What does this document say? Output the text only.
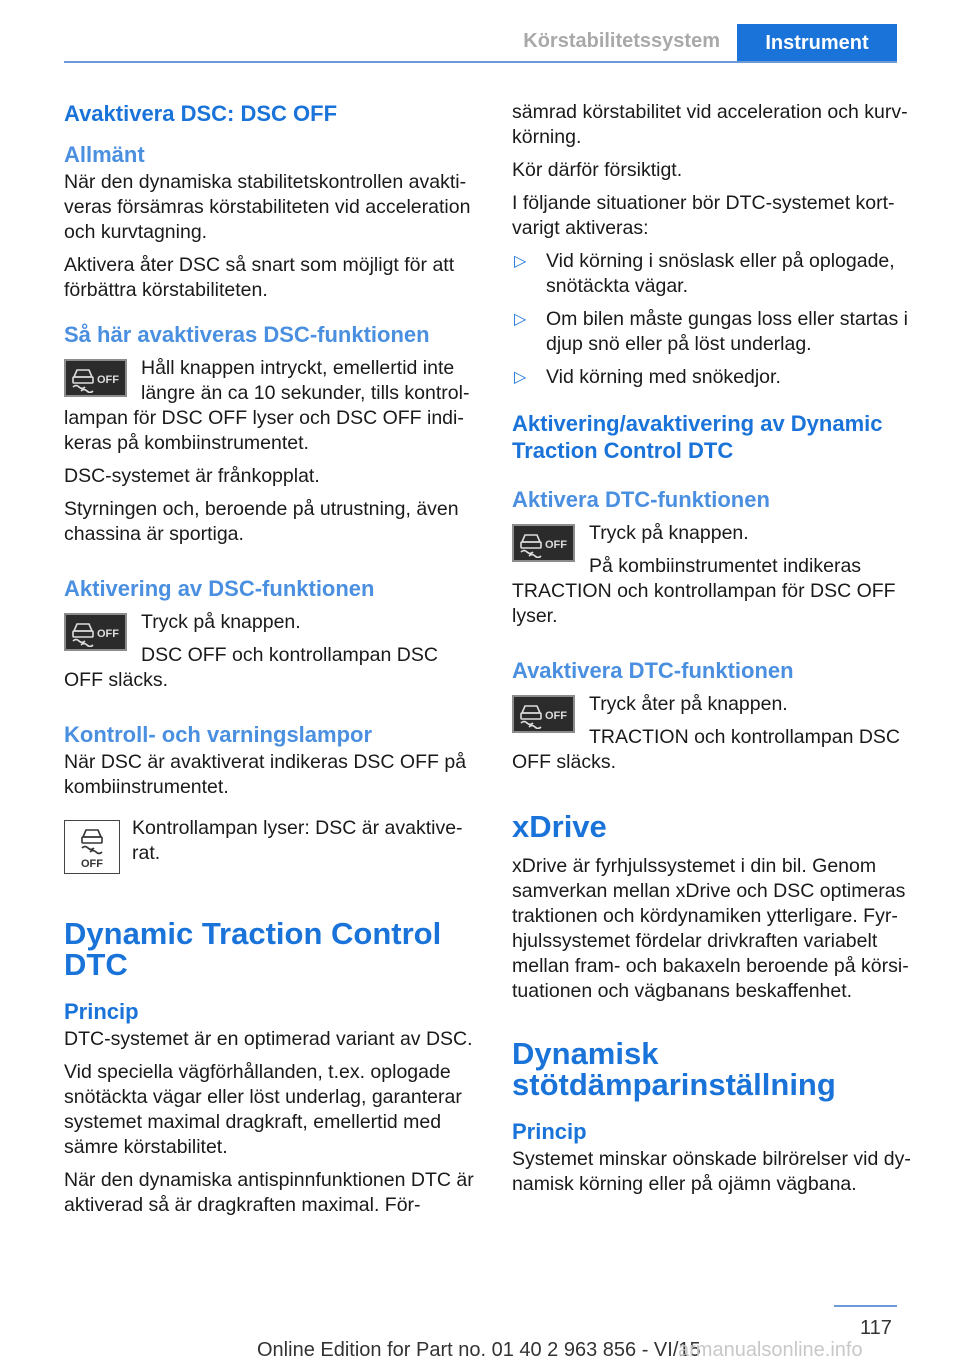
Körstabilitetssystem	Instrument
Avaktivera DSC: DSC OFF
Allmänt

När den dynamiska stabilitetskontrollen avakti-veras försämras körstabiliteten vid acceleration och kurvtagning.

Aktivera åter DSC så snart som möjligt för att förbättra körstabiliteten.

Så här avaktiveras DSC-funktionen
OFF

Håll knappen intryckt, emellertid inte längre än ca 10 sekunder, tills kontrol-lampan för DSC OFF lyser och DSC OFF indi-keras på kombiinstrumentet.

DSC-systemet är frånkopplat.

Styrningen och, beroende på utrustning, även chassina är sportiga.

Aktivering av DSC-funktionen
OFF

Tryck på knappen.

DSC OFF och kontrollampan DSC OFF släcks.

Kontroll- och varningslampor

När DSC är avaktiverat indikeras DSC OFF på kombiinstrumentet.

OFF

Kontrollampan lyser: DSC är avaktive-rat.

Dynamic Traction Control DTC
Princip

DTC-systemet är en optimerad variant av DSC.

Vid speciella vägförhållanden, t.ex. oplogade snötäckta vägar eller löst underlag, garanterar systemet maximal dragkraft, emellertid med sämre körstabilitet.

När den dynamiska antispinnfunktionen DTC är aktiverad så är dragkraften maximal. För-

sämrad körstabilitet vid acceleration och kurv-körning.

Kör därför försiktigt.

I följande situationer bör DTC-systemet kort-varigt aktiveras:

▷ Vid körning i snöslask eller på oplogade, snötäckta vägar.
▷ Om bilen måste gungas loss eller startas i djup snö eller på löst underlag.
▷ Vid körning med snökedjor.
Aktivering/avaktivering av Dynamic Traction Control DTC
Aktivera DTC-funktionen
OFF

Tryck på knappen.

På kombiinstrumentet indikeras TRACTION och kontrollampan för DSC OFF lyser.

Avaktivera DTC-funktionen
OFF

Tryck åter på knappen.

TRACTION och kontrollampan DSC OFF släcks.

xDrive

xDrive är fyrhjulssystemet i din bil. Genom samverkan mellan xDrive och DSC optimeras traktionen och kördynamiken ytterligare. Fyr-hjulssystemet fördelar drivkraften variabelt mellan fram- och bakaxeln beroende på körsi-tuationen och vägbanans beskaffenhet.

Dynamisk stötdämparinställning
Princip

Systemet minskar oönskade bilrörelser vid dy-namisk körning eller på ojämn vägbana.

117
Online Edition for Part no. 01 40 2 963 856 - VI/15
armanualsonline.info
